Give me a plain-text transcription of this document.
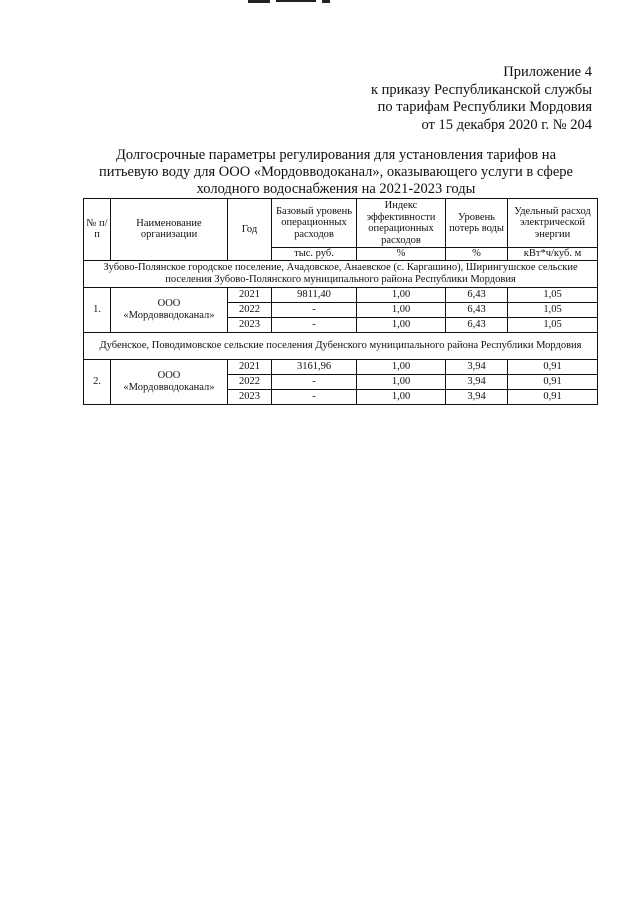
Приложение 4
к приказу Республиканской службы
по тарифам Республики Мордовия
от 15 декабря 2020 г. № 204
Долгосрочные параметры регулирования для установления тарифов на
питьевую воду для ООО «Мордовводоканал», оказывающего услуги в сфере
холодного водоснабжения на 2021-2023 годы
№ п/п	Наименование организации	Год	Базовый уровень операционных расходов	Индекс эффективности операционных расходов	Уровень потерь воды	Удельный расход электрической энергии
			тыс. руб.	%	%	кВт*ч/куб. м
Зубово-Полянское городское поселение, Ачадовское, Анаевское (с. Каргашино), Ширингушское сельские поселения Зубово-Полянского муниципального района Республики Мордовия						
1.	ООО «Мордовводоканал»	2021	9811,40	1,00	6,43	1,05
		2022	-	1,00	6,43	1,05
		2023	-	1,00	6,43	1,05
Дубенское, Поводимовское сельские поселения Дубенского муниципального района Республики Мордовия						
2.	ООО «Мордовводоканал»	2021	3161,96	1,00	3,94	0,91
		2022	-	1,00	3,94	0,91
		2023	-	1,00	3,94	0,91
